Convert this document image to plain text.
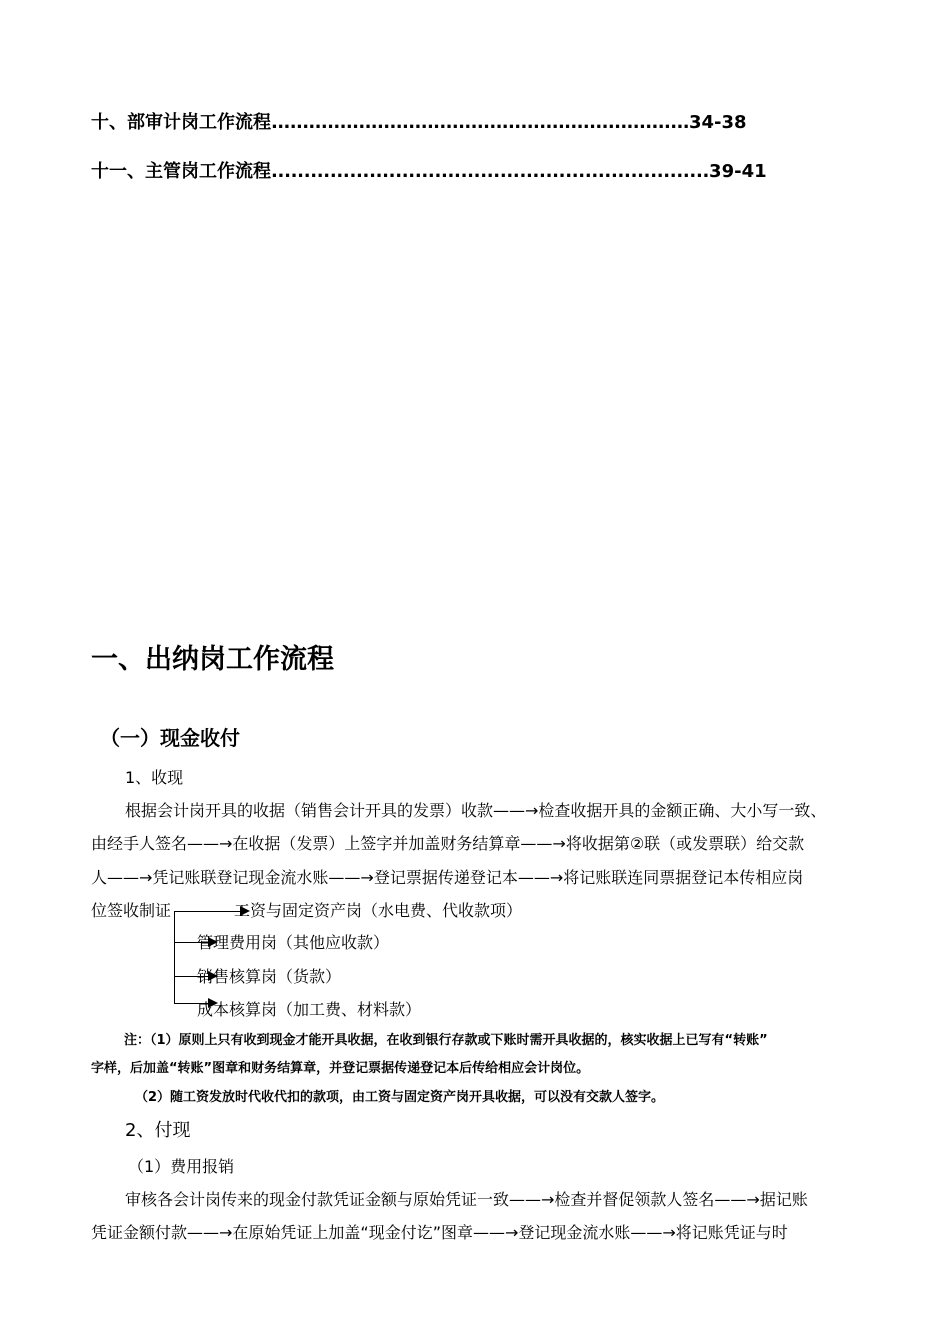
十、部审计岗工作流程...................................................................34-38
十一、主管岗工作流程...................................................................39-41
一、出纳岗工作流程
（一）现金收付
1、收现
根据会计岗开具的收据（销售会计开具的发票）收款——→检查收据开具的金额正确、大小写一致、
由经手人签名——→在收据（发票）上签字并加盖财务结算章——→将收据第②联（或发票联）给交款
人——→凭记账联登记现金流水账——→登记票据传递登记本——→将记账联连同票据登记本传相应岗
位签收制证	工资与固定资产岗（水电费、代收款项）
管理费用岗（其他应收款）
销售核算岗（货款）
成本核算岗（加工费、材料款）
注：（1）原则上只有收到现金才能开具收据，在收到银行存款或下账时需开具收据的，核实收据上已写有“转账”
字样，后加盖“转账”图章和财务结算章，并登记票据传递登记本后传给相应会计岗位。
（2）随工资发放时代收代扣的款项，由工资与固定资产岗开具收据，可以没有交款人签字。
2、付现
（1）费用报销
审核各会计岗传来的现金付款凭证金额与原始凭证一致——→检查并督促领款人签名——→据记账
凭证金额付款——→在原始凭证上加盖“现金付讫”图章——→登记现金流水账——→将记账凭证与时
